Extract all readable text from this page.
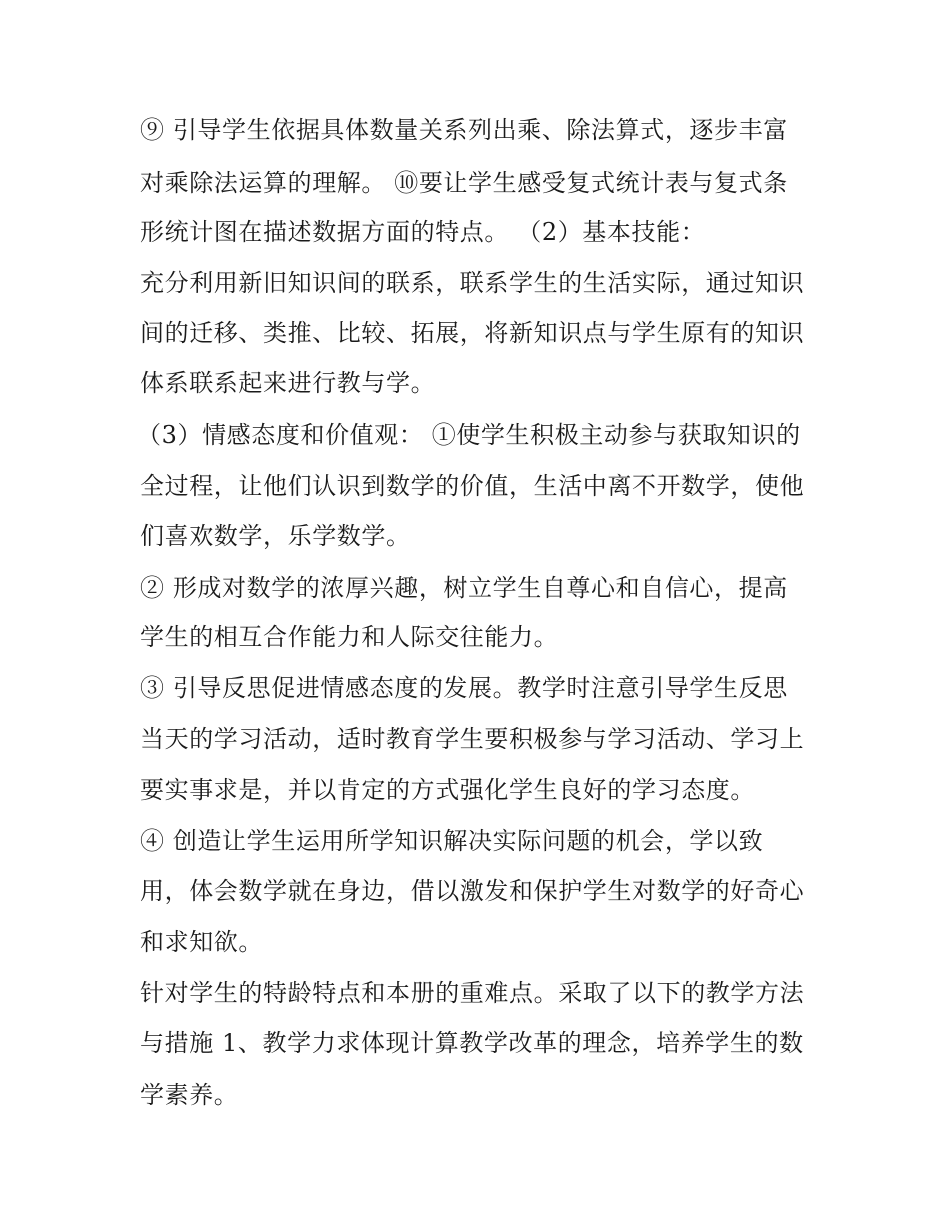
⑨ 引导学生依据具体数量关系列出乘、除法算式，逐步丰富
对乘除法运算的理解。 ⑩要让学生感受复式统计表与复式条
形统计图在描述数据方面的特点。 （2）基本技能：
充分利用新旧知识间的联系，联系学生的生活实际，通过知识
间的迁移、类推、比较、拓展，将新知识点与学生原有的知识
体系联系起来进行教与学。
（3）情感态度和价值观： ①使学生积极主动参与获取知识的
全过程，让他们认识到数学的价值，生活中离不开数学，使他
们喜欢数学，乐学数学。
② 形成对数学的浓厚兴趣，树立学生自尊心和自信心，提高
学生的相互合作能力和人际交往能力。
③ 引导反思促进情感态度的发展。教学时注意引导学生反思
当天的学习活动，适时教育学生要积极参与学习活动、学习上
要实事求是，并以肯定的方式强化学生良好的学习态度。
④ 创造让学生运用所学知识解决实际问题的机会，学以致
用，体会数学就在身边，借以激发和保护学生对数学的好奇心
和求知欲。
针对学生的特龄特点和本册的重难点。采取了以下的教学方法
与措施 1、教学力求体现计算教学改革的理念，培养学生的数
学素养。
